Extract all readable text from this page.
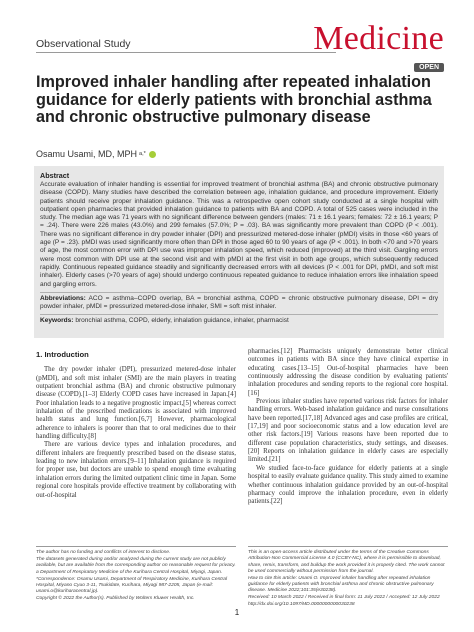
Observational Study	Medicine
OPEN
Improved inhaler handling after repeated inhalation guidance for elderly patients with bronchial asthma and chronic obstructive pulmonary disease
Osamu Usami, MD, MPH a,*
Abstract

Accurate evaluation of inhaler handling is essential for improved treatment of bronchial asthma (BA) and chronic obstructive pulmonary disease (COPD). Many studies have described the correlation between age, inhalation guidance, and procedure improvement. Elderly patients should receive proper inhalation guidance. This was a retrospective open cohort study conducted at a single hospital with outpatient open pharmacies that provided inhalation guidance to patients with BA and COPD. A total of 525 cases were included in the study. The median age was 71 years with no significant difference between genders (males: 71 ± 16.1 years; females: 72 ± 16.1 years; P = .24). There were 226 males (43.0%) and 299 females (57.0%; P = .03). BA was significantly more prevalent than COPD (P < .001). There was no significant difference in dry powder inhaler (DPI) and pressurized metered-dose inhaler (pMDI) visits in those <60 years of age (P = .23). pMDI was used significantly more often than DPI in those aged 60 to 90 years of age (P < .001). In both <70 and >70 years of age, the most common error with DPI use was improper inhalation speed, which reduced (improved) at the third visit. Gargling errors were most common with DPI use at the second visit and with pMDI at the first visit in both age groups, which subsequently reduced rapidly. Continuous repeated guidance steadily and significantly decreased errors with all devices (P < .001 for DPI, pMDI, and soft mist inhaler). Elderly cases (>70 years of age) should undergo continuous repeated guidance to reduce inhalation errors like inhalation speed and gargling errors.

Abbreviations: ACO = asthma–COPD overlap, BA = bronchial asthma, COPD = chronic obstructive pulmonary disease, DPI = dry powder inhaler, pMDI = pressurized metered-dose inhaler, SMI = soft mist inhaler.

Keywords: bronchial asthma, COPD, elderly, inhalation guidance, inhaler, pharmacist

1. Introduction

The dry powder inhaler (DPI), pressurized metered-dose inhaler (pMDI), and soft mist inhaler (SMI) are the main players in treating outpatient bronchial asthma (BA) and chronic obstructive pulmonary disease (COPD).[1–3] Elderly COPD cases have increased in Japan.[4] Poor inhalation leads to a negative prognostic impact,[5] whereas correct inhalation of the prescribed medications is associated with improved health status and lung function.[6,7] However, pharmacological adherence to inhalers is poorer than that to oral medicines due to their handling difficulty.[8]

There are various device types and inhalation procedures, and different inhalers are frequently prescribed based on the disease status, leading to new inhalation errors.[9–11] Inhalation guidance is required for proper use, but doctors are unable to spend enough time evaluating inhalation errors during the limited outpatient clinic time in Japan. Some regional core hospitals provide effective treatment by collaborating with out-of-hospital

pharmacies.[12] Pharmacists uniquely demonstrate better clinical outcomes in patients with BA since they have clinical expertise in educating cases.[13–15] Out-of-hospital pharmacies have been continuously addressing the disease condition by evaluating patients' inhalation procedures and sending reports to the regional core hospital.[16]

Previous inhaler studies have reported various risk factors for inhaler handling errors. Web-based inhalation guidance and nurse consultations have been reported.[17,18] Advanced ages and case profiles are critical,[17,19] and poor socioeconomic status and a low education level are other risk factors.[19] Various reasons have been reported due to different case population characteristics, study settings, and diseases.[20] Reports on inhalation guidance in elderly cases are especially limited.[21]

We studied face-to-face guidance for elderly patients at a single hospital to easily evaluate guidance quality. This study aimed to examine whether continuous inhalation guidance provided by an out-of-hospital pharmacy could improve the inhalation procedure, even in elderly patients.[22]

The author has no funding and conflicts of interest to disclose.

The datasets generated during and/or analyzed during the current study are not publicly available, but are available from the corresponding author on reasonable request for privacy.

a Department of Respiratory Medicine of the Kurihara Central Hospital, Miyagi, Japan.

*Correspondence: Osamu Usami, Department of Respiratory Medicine, Kurihara Central Hospital, Miyano Cyuo 3-11, Tsukidate, Kurihara, Miyagi 987-2205, Japan (e-mail: usami.o@kuriharacentral.jp).

Copyright © 2022 the Author(s). Published by Wolters Kluwer Health, Inc.

This is an open-access article distributed under the terms of the Creative Commons Attribution-Non Commercial License 4.0 (CCBY-NC), where it is permissible to download, share, remix, transform, and buildup the work provided it is properly cited. The work cannot be used commercially without permission from the journal.

How to cite this article: Usami O. Improved inhaler handling after repeated inhalation guidance for elderly patients with bronchial asthma and chronic obstructive pulmonary disease. Medicine 2022;101:35(e30238).

Received: 10 March 2022 / Received in final form: 11 July 2022 / Accepted: 12 July 2022

http://dx.doi.org/10.1097/MD.0000000000030238

1
